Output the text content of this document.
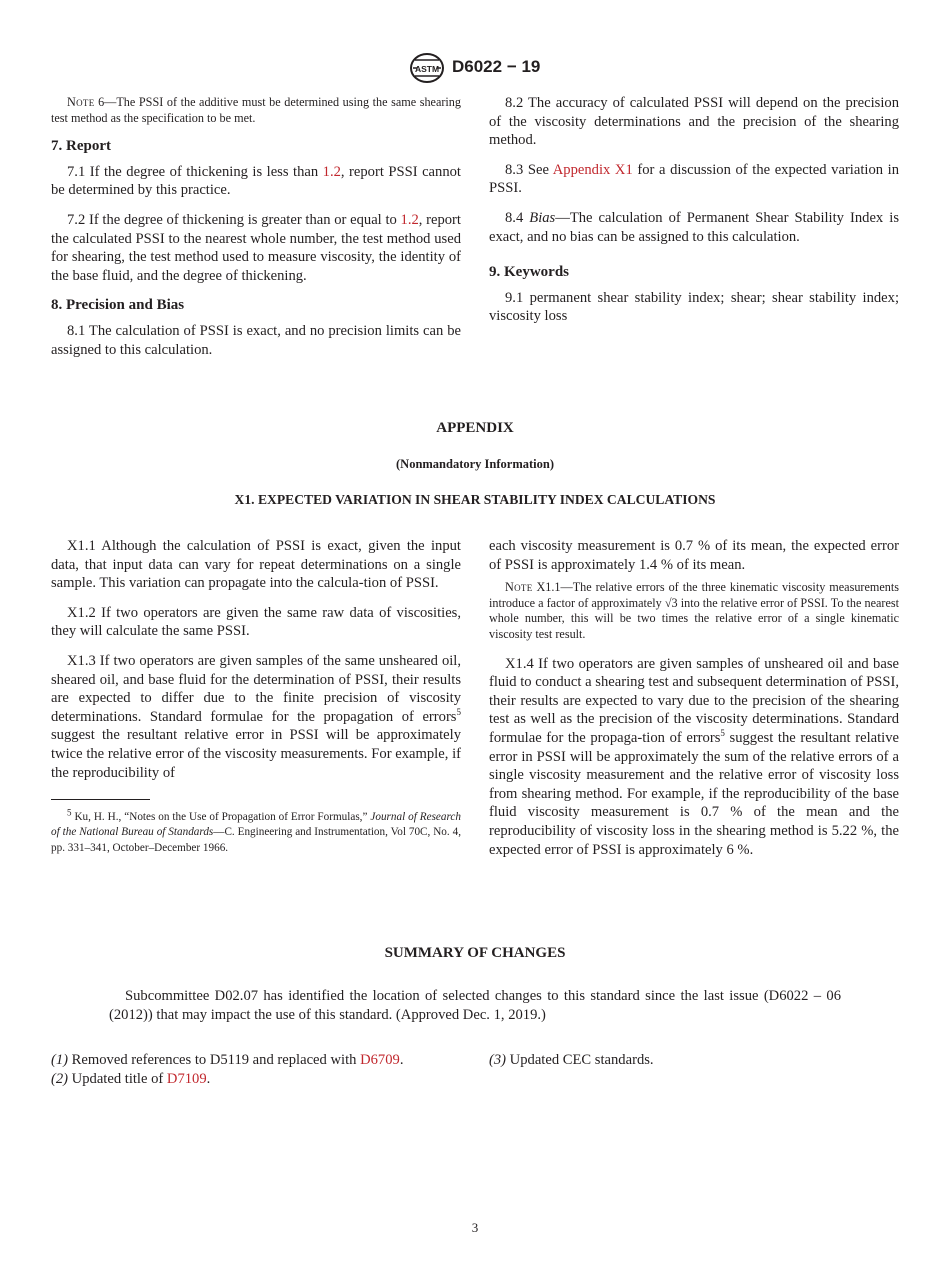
ASTM D6022 − 19

Note 6—The PSSI of the additive must be determined using the same shearing test method as the specification to be met.

7. Report

7.1 If the degree of thickening is less than 1.2, report PSSI cannot be determined by this practice.

7.2 If the degree of thickening is greater than or equal to 1.2, report the calculated PSSI to the nearest whole number, the test method used for shearing, the test method used to measure viscosity, the identity of the base fluid, and the degree of thickening.

8. Precision and Bias

8.1 The calculation of PSSI is exact, and no precision limits can be assigned to this calculation.

8.2 The accuracy of calculated PSSI will depend on the precision of the viscosity determinations and the precision of the shearing method.

8.3 See Appendix X1 for a discussion of the expected variation in PSSI.

8.4 Bias—The calculation of Permanent Shear Stability Index is exact, and no bias can be assigned to this calculation.

9. Keywords

9.1 permanent shear stability index; shear; shear stability index; viscosity loss

APPENDIX
(Nonmandatory Information)
X1. EXPECTED VARIATION IN SHEAR STABILITY INDEX CALCULATIONS

X1.1 Although the calculation of PSSI is exact, given the input data, that input data can vary for repeat determinations on a single sample. This variation can propagate into the calcula-tion of PSSI.

X1.2 If two operators are given the same raw data of viscosities, they will calculate the same PSSI.

X1.3 If two operators are given samples of the same unsheared oil, sheared oil, and base fluid for the determination of PSSI, their results are expected to differ due to the finite precision of viscosity determinations. Standard formulae for the propagation of errors$^5$ suggest the resultant relative error in PSSI will be approximately twice the relative error of the viscosity measurements. For example, if the reproducibility of

$^5$ Ku, H. H., “Notes on the Use of Propagation of Error Formulas,” Journal of Research of the National Bureau of Standards—C. Engineering and Instrumentation, Vol 70C, No. 4, pp. 331–341, October–December 1966.

each viscosity measurement is 0.7 % of its mean, the expected error of PSSI is approximately 1.4 % of its mean.

Note X1.1—The relative errors of the three kinematic viscosity measurements introduce a factor of approximately √3 into the relative error of PSSI. To the nearest whole number, this will be two times the relative error of a single kinematic viscosity test result.

X1.4 If two operators are given samples of unsheared oil and base fluid to conduct a shearing test and subsequent determination of PSSI, their results are expected to vary due to the precision of the shearing test as well as the precision of the viscosity determinations. Standard formulae for the propaga-tion of errors$^5$ suggest the resultant relative error in PSSI will be approximately the sum of the relative errors of a single viscosity measurement and the relative error of viscosity loss from shearing method. For example, if the reproducibility of the base fluid viscosity measurement is 0.7 % of the mean and the reproducibility of viscosity loss in the shearing method is 5.22 %, the expected error of PSSI is approximately 6 %.

SUMMARY OF CHANGES

Subcommittee D02.07 has identified the location of selected changes to this standard since the last issue (D6022 – 06 (2012)) that may impact the use of this standard. (Approved Dec. 1, 2019.)

(1) Removed references to D5119 and replaced with D6709.

(2) Updated title of D7109.

(3) Updated CEC standards.

3
